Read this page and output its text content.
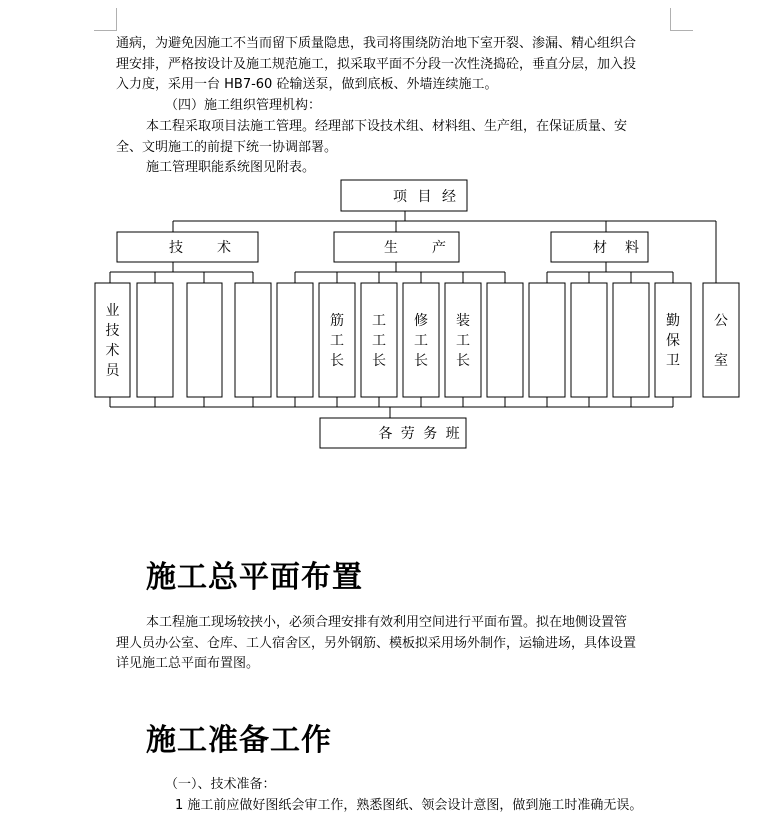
通病，为避免因施工不当而留下质量隐患，我司将围绕防治地下室开裂、渗漏、精心组织合
理安排，严格按设计及施工规范施工，拟采取平面不分段一次性浇捣砼，垂直分层，加入投
入力度，采用一台 HB7-60 砼输送泵，做到底板、外墙连续施工。

（四）施工组织管理机构：

本工程采取项目法施工管理。经理部下设技术组、材料组、生产组，在保证质量、安
全、文明施工的前提下统一协调部署。

施工管理职能系统图见附表。

项 目 经
技　　术	生　　产	材　料
业技术员
筋工长
工工长
修工长
装工长
勤保卫
公室
各 劳 务 班
施工总平面布置

本工程施工现场较挟小，必须合理安排有效利用空间进行平面布置。拟在地侧设置管
理人员办公室、仓库、工人宿舍区，另外钢筋、模板拟采用场外制作，运输进场，具体设置
详见施工总平面布置图。

施工准备工作

（一）、技术准备：

1 施工前应做好图纸会审工作，熟悉图纸、领会设计意图，做到施工时准确无误。
